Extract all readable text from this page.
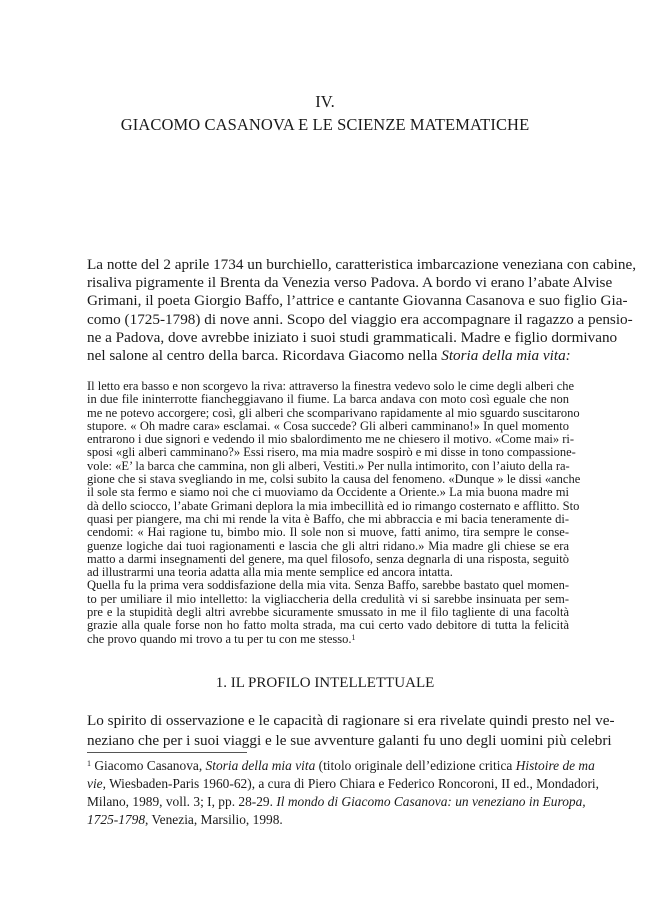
IV.
GIACOMO CASANOVA E LE SCIENZE MATEMATICHE
La notte del 2 aprile 1734 un burchiello, caratteristica imbarcazione veneziana con cabine,
risaliva pigramente il Brenta da Venezia verso Padova. A bordo vi erano l’abate Alvise
Grimani, il poeta Giorgio Baffo, l’attrice e cantante Giovanna Casanova e suo figlio Gia-
como (1725-1798) di nove anni. Scopo del viaggio era accompagnare il ragazzo a pensio-
ne a Padova, dove avrebbe iniziato i suoi studi grammaticali. Madre e figlio dormivano
nel salone al centro della barca. Ricordava Giacomo nella Storia della mia vita:
Il letto era basso e non scorgevo la riva: attraverso la finestra vedevo solo le cime degli alberi che
in due file ininterrotte fiancheggiavano il fiume. La barca andava con moto così eguale che non
me ne potevo accorgere; così, gli alberi che scomparivano rapidamente al mio sguardo suscitarono
stupore. « Oh madre cara» esclamai. « Cosa succede? Gli alberi camminano!» In quel momento
entrarono i due signori e vedendo il mio sbalordimento me ne chiesero il motivo. «Come mai» ri-
sposi «gli alberi camminano?» Essi risero, ma mia madre sospirò e mi disse in tono compassione-
vole: «E’ la barca che cammina, non gli alberi, Vestiti.» Per nulla intimorito, con l’aiuto della ra-
gione che si stava svegliando in me, colsi subito la causa del fenomeno. «Dunque » le dissi «anche
il sole sta fermo e siamo noi che ci muoviamo da Occidente a Oriente.» La mia buona madre mi
dà dello sciocco, l’abate Grimani deplora la mia imbecillità ed io rimango costernato e afflitto. Sto
quasi per piangere, ma chi mi rende la vita è Baffo, che mi abbraccia e mi bacia teneramente di-
cendomi: « Hai ragione tu, bimbo mio. Il sole non si muove, fatti animo, tira sempre le conse-
guenze logiche dai tuoi ragionamenti e lascia che gli altri ridano.» Mia madre gli chiese se era
matto a darmi insegnamenti del genere, ma quel filosofo, senza degnarla di una risposta, seguitò
ad illustrarmi una teoria adatta alla mia mente semplice ed ancora intatta.
Quella fu la prima vera soddisfazione della mia vita. Senza Baffo, sarebbe bastato quel momen-
to per umiliare il mio intelletto: la vigliaccheria della credulità vi si sarebbe insinuata per sem-
pre e la stupidità degli altri avrebbe sicuramente smussato in me il filo tagliente di una facoltà
grazie alla quale forse non ho fatto molta strada, ma cui certo vado debitore di tutta la felicità
che provo quando mi trovo a tu per tu con me stesso.$^1$
1. IL PROFILO INTELLETTUALE
Lo spirito di osservazione e le capacità di ragionare si era rivelate quindi presto nel ve-
neziano che per i suoi viaggi e le sue avventure galanti fu uno degli uomini più celebri
$^1$ Giacomo Casanova, Storia della mia vita (titolo originale dell’edizione critica Histoire de ma
vie, Wiesbaden-Paris 1960-62), a cura di Piero Chiara e Federico Roncoroni, II ed., Mondadori,
Milano, 1989, voll. 3; I, pp. 28-29. Il mondo di Giacomo Casanova: un veneziano in Europa,
1725-1798, Venezia, Marsilio, 1998.
